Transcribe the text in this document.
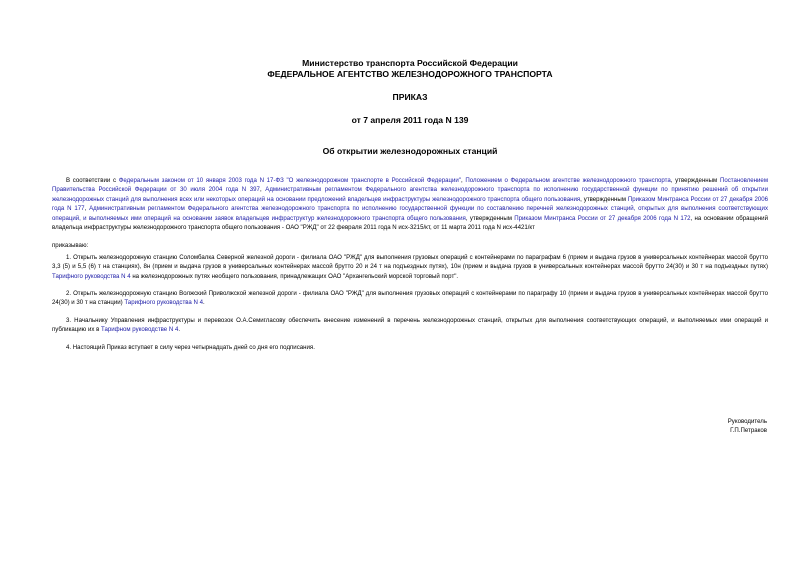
Министерство транспорта Российской Федерации
ФЕДЕРАЛЬНОЕ АГЕНТСТВО ЖЕЛЕЗНОДОРОЖНОГО ТРАНСПОРТА
ПРИКАЗ
от 7 апреля 2011 года N 139
Об открытии железнодорожных станций

В соответствии с Федеральным законом от 10 января 2003 года N 17-ФЗ "О железнодорожном транспорте в Российской Федерации", Положением о Федеральном агентстве железнодорожного транспорта, утвержденным Постановлением Правительства Российской Федерации от 30 июля 2004 года N 397, Административным регламентом Федерального агентства железнодорожного транспорта по исполнению государственной функции по принятию решений об открытии железнодорожных станций для выполнения всех или некоторых операций на основании предложений владельцев инфраструктуры железнодорожного транспорта общего пользования, утвержденным Приказом Минтранса России от 27 декабря 2006 года N 177, Административным регламентом Федерального агентства железнодорожного транспорта по исполнению государственной функции по составлению перечней железнодорожных станций, открытых для выполнения соответствующих операций, и выполняемых ими операций на основании заявок владельцев инфраструктур железнодорожного транспорта общего пользования, утвержденным Приказом Минтранса России от 27 декабря 2006 года N 172, на основании обращений владельца инфраструктуры железнодорожного транспорта общего пользования - ОАО "РЖД" от 22 февраля 2011 года N исх-3215/кт, от 11 марта 2011 года N исх-4421/кт

приказываю:

1. Открыть железнодорожную станцию Соломбалка Северной железной дороги - филиала ОАО "РЖД" для выполнения грузовых операций с контейнерами по параграфам 6 (прием и выдача грузов в универсальных контейнерах массой брутто 3,3 (5) и 5,5 (6) т на станциях), 8н (прием и выдача грузов в универсальных контейнерах массой брутто 20 и 24 т на подъездных путях), 10н (прием и выдача грузов в универсальных контейнерах массой брутто 24(30) и 30 т на подъездных путях) Тарифного руководства N 4 на железнодорожных путях необщего пользования, принадлежащих ОАО "Архангельский морской торговый порт".

2. Открыть железнодорожную станцию Волжский Приволжской железной дороги - филиала ОАО "РЖД" для выполнения грузовых операций с контейнерами по параграфу 10 (прием и выдача грузов в универсальных контейнерах массой брутто 24(30) и 30 т на станции) Тарифного руководства N 4.

3. Начальнику Управления инфраструктуры и перевозок О.А.Семигласову обеспечить внесение изменений в перечень железнодорожных станций, открытых для выполнения соответствующих операций, и выполняемых ими операций и публикацию их в Тарифном руководстве N 4.

4. Настоящий Приказ вступает в силу через четырнадцать дней со дня его подписания.

Руководитель
Г.П.Петраков
